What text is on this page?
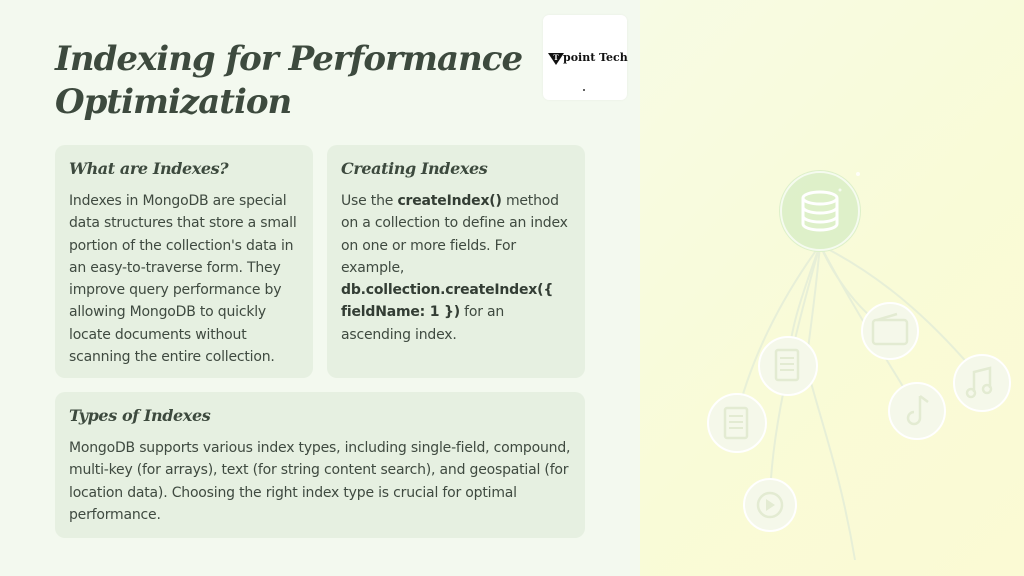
Indexing for Performance Optimization
T point Tech
What are Indexes?
Indexes in MongoDB are special data structures that store a small portion of the collection's data in an easy-to-traverse form. They improve query performance by allowing MongoDB to quickly locate documents without scanning the entire collection.
Creating Indexes
Use the createIndex() method on a collection to define an index on one or more fields. For example, db.collection.createIndex({ fieldName: 1 }) for an ascending index.
Types of Indexes
MongoDB supports various index types, including single-field, compound, multi-key (for arrays), text (for string content search), and geospatial (for location data). Choosing the right index type is crucial for optimal performance.
